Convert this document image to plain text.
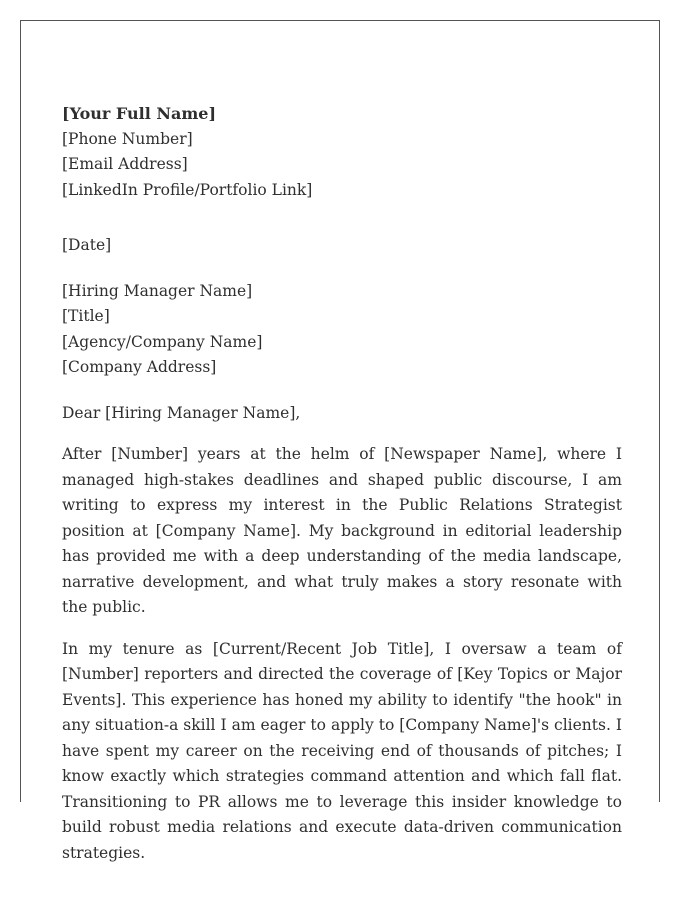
[Your Full Name]

[Phone Number]

[Email Address]

[LinkedIn Profile/Portfolio Link]

[Date]

[Hiring Manager Name]

[Title]

[Agency/Company Name]

[Company Address]

Dear [Hiring Manager Name],

After [Number] years at the helm of [Newspaper Name], where I managed high-stakes deadlines and shaped public discourse, I am writing to express my interest in the Public Relations Strategist position at [Company Name]. My background in editorial leadership has provided me with a deep understanding of the media landscape, narrative development, and what truly makes a story resonate with the public.

In my tenure as [Current/Recent Job Title], I oversaw a team of [Number] reporters and directed the coverage of [Key Topics or Major Events]. This experience has honed my ability to identify "the hook" in any situation-a skill I am eager to apply to [Company Name]'s clients. I have spent my career on the receiving end of thousands of pitches; I know exactly which strategies command attention and which fall flat. Transitioning to PR allows me to leverage this insider knowledge to build robust media relations and execute data-driven communication strategies.
